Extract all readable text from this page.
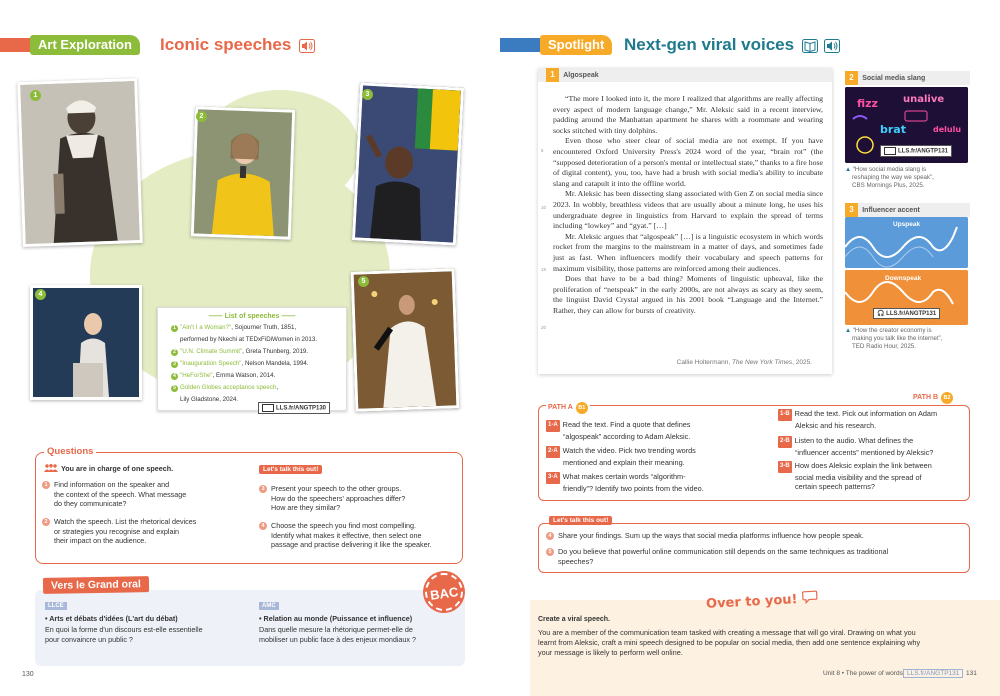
Art Exploration	Iconic speeches
1
2
3
4
5
—— List of speeches ——
1 "Ain't I a Woman?", Sojourner Truth, 1851,
performed by Nkechi at TEDxFiDiWomen in 2013.
2 "U.N. Climate Summit", Greta Thunberg, 2019.
3 "Inauguration Speech", Nelson Mandela, 1994.
4 "HeForShe", Emma Watson, 2014.
5 Golden Globes acceptance speech,
Lily Gladstone, 2024.
LLS.fr/ANGTP130
Questions
You are in charge of one speech.
1 Find information on the speaker and
the context of the speech. What message
do they communicate?
2 Watch the speech. List the rhetorical devices
or strategies you recognise and explain
their impact on the audience.
Let's talk this out!
3 Present your speech to the other groups.
How do the speechers' approaches differ?
How are they similar?
4 Choose the speech you find most compelling.
Identify what makes it effective, then select one
passage and practise delivering it like the speaker.
Vers le Grand oral	BAC
LLCE
• Arts et débats d'idées (L'art du débat)
En quoi la forme d'un discours est-elle essentielle
pour convaincre un public ?
AMC
• Relation au monde (Puissance et influence)
Dans quelle mesure la rhétorique permet-elle de
mobiliser un public face à des enjeux mondiaux ?
130
Spotlight	Next-gen viral voices
1 Algospeak

“The more I looked into it, the more I realized that algorithms are really affecting every aspect of modern language change,” Mr. Aleksic said in a recent interview, padding around the Manhattan apartment he shares with a roommate and wearing socks stitched with tiny dolphins.

Even those who steer clear of social media are not exempt. If you have encountered Oxford University Press's 2024 word of the year, “brain rot” (the “supposed deterioration of a person's mental or intellectual state,” thanks to a fire hose of digital content), you, too, have had a brush with social media's ability to incubate slang and catapult it into the offline world.

Mr. Aleksic has been dissecting slang associated with Gen Z on social media since 2023. In wobbly, breathless videos that are usually about a minute long, he uses his undergraduate degree in linguistics from Harvard to explain the spread of terms including “lowkey” and “gyat.” […]

Mr. Aleksic argues that “algospeak” […] is a linguistic ecosystem in which words rocket from the margins to the mainstream in a matter of days, and sometimes fade just as fast. When influencers modify their vocabulary and speech patterns for maximum visibility, those patterns are reinforced among their audiences.

Does that have to be a bad thing? Moments of linguistic upheaval, like the proliferation of “netspeak” in the early 2000s, are not always as scary as they seem, the linguist David Crystal argued in his 2001 book “Language and the Internet.” Rather, they can allow for bursts of creativity.

5
10
15
20
Callie Holtermann, The New York Times, 2025.
2 Social media slang
fizz	unalive
brat	delulu
LLS.fr/ANGTP131
▲ “How social media slang is
reshaping the way we speak”,
CBS Mornings Plus, 2025.
3 Influencer accent
Upspeak
Downspeak
🎧 LLS.fr/ANGTP131
▲ “How the creator economy is
making you talk like the internet”,
TED Radio Hour, 2025.
PATH A B1
PATH B B2
1-A Read the text. Find a quote that defines
“algospeak” according to Adam Aleksic.
2-A Watch the video. Pick two trending words
mentioned and explain their meaning.
3-A What makes certain words “algorithm-
friendly”? Identify two points from the video.
1-B Read the text. Pick out information on Adam
Aleksic and his research.
2-B Listen to the audio. What defines the
“influencer accents” mentioned by Aleksic?
3-B How does Aleksic explain the link between
social media visibility and the spread of
certain speech patterns?
Let's talk this out!
4 Share your findings. Sum up the ways that social media platforms influence how people speak.
5 Do you believe that powerful online communication still depends on the same techniques as traditional
speeches?
Over to you!
Create a viral speech.
You are a member of the communication team tasked with creating a message that will go viral. Drawing on what you
learnt from Aleksic, craft a mini speech designed to be popular on social media, then add one sentence explaining why
your message is likely to perform well online.
Unit 8 • The power of words LLS.fr/ANGTP131	131
